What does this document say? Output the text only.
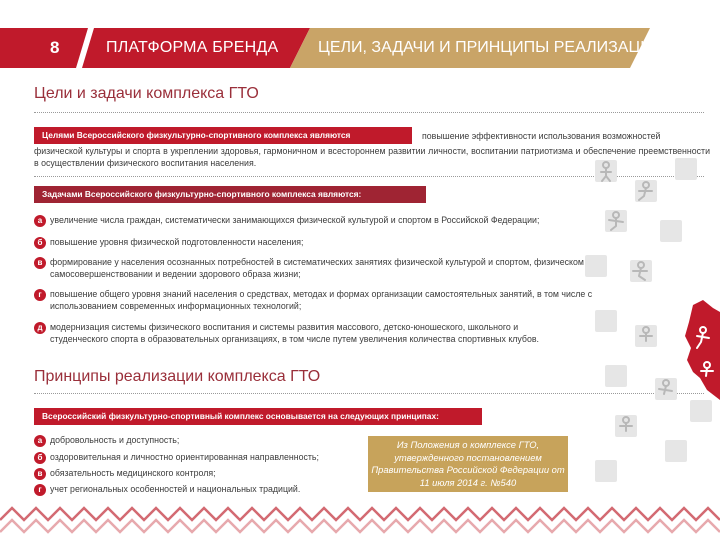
8	ПЛАТФОРМА БРЕНДА ЦЕЛИ, ЗАДАЧИ И ПРИНЦИПЫ РЕАЛИЗАЦИИ
Цели и задачи комплекса ГТО
Целями Всероссийского физкультурно-спортивного комплекса являются	повышение эффективности использования возможностей
физической культуры и спорта в укреплении здоровья, гармоничном и всестороннем развитии личности, воспитании патриотизма и обеспечение преемственности в осуществлении физического воспитания населения.
Задачами Всероссийского физкультурно-спортивного комплекса являются:
а увеличение числа граждан, систематически занимающихся физической культурой и спортом в Российской Федерации;
б повышение уровня физической подготовленности населения;
в формирование у населения осознанных потребностей в систематических занятиях физической культурой и спортом, физическом самосовершенствовании и ведении здорового образа жизни;
г повышение общего уровня знаний населения о средствах, методах и формах организации самостоятельных занятий, в том числе с использованием современных информационных технологий;
д модернизация системы физического воспитания и системы развития массового, детско-юношеского, школьного и студенческого спорта в образовательных организациях, в том числе путем увеличения количества спортивных клубов.
Принципы реализации комплекса ГТО
Всероссийский физкультурно-спортивный комплекс основывается на следующих принципах:
а добровольность и доступность;
б оздоровительная и личностно ориентированная направленность;
в обязательность медицинского контроля;
г учет региональных особенностей и национальных традиций.
Из Положения о комплексе ГТО, утвержденного постановлением Правительства Российской Федерации от 11 июля 2014 г. №540
